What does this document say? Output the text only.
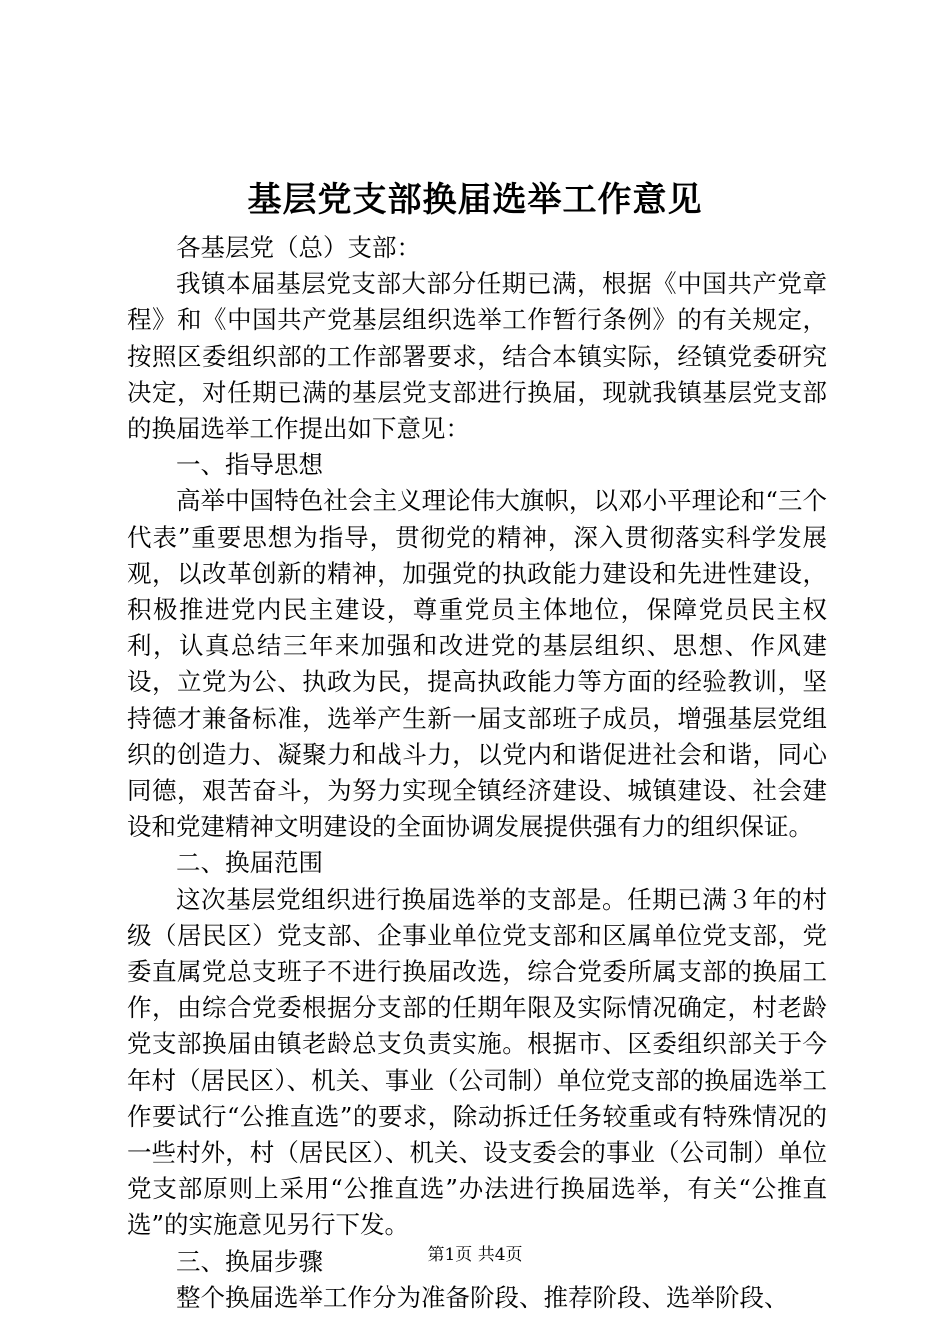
基层党支部换届选举工作意见

各基层党（总）支部：

我镇本届基层党支部大部分任期已满，根据《中国共产党章程》和《中国共产党基层组织选举工作暂行条例》的有关规定，按照区委组织部的工作部署要求，结合本镇实际，经镇党委研究决定，对任期已满的基层党支部进行换届，现就我镇基层党支部的换届选举工作提出如下意见：

一、指导思想

高举中国特色社会主义理论伟大旗帜，以邓小平理论和“三个代表”重要思想为指导，贯彻党的精神，深入贯彻落实科学发展观，以改革创新的精神，加强党的执政能力建设和先进性建设，积极推进党内民主建设，尊重党员主体地位，保障党员民主权利，认真总结三年来加强和改进党的基层组织、思想、作风建设，立党为公、执政为民，提高执政能力等方面的经验教训，坚持德才兼备标准，选举产生新一届支部班子成员，增强基层党组织的创造力、凝聚力和战斗力，以党内和谐促进社会和谐，同心同德，艰苦奋斗，为努力实现全镇经济建设、城镇建设、社会建设和党建精神文明建设的全面协调发展提供强有力的组织保证。

二、换届范围

这次基层党组织进行换届选举的支部是。任期已满３年的村级（居民区）党支部、企事业单位党支部和区属单位党支部，党委直属党总支班子不进行换届改选，综合党委所属支部的换届工作，由综合党委根据分支部的任期年限及实际情况确定，村老龄党支部换届由镇老龄总支负责实施。根据市、区委组织部关于今年村（居民区）、机关、事业（公司制）单位党支部的换届选举工作要试行“公推直选”的要求，除动拆迁任务较重或有特殊情况的一些村外，村（居民区）、机关、设支委会的事业（公司制）单位党支部原则上采用“公推直选”办法进行换届选举，有关“公推直选”的实施意见另行下发。

三、换届步骤

整个换届选举工作分为准备阶段、推荐阶段、选举阶段、

第1页 共4页
